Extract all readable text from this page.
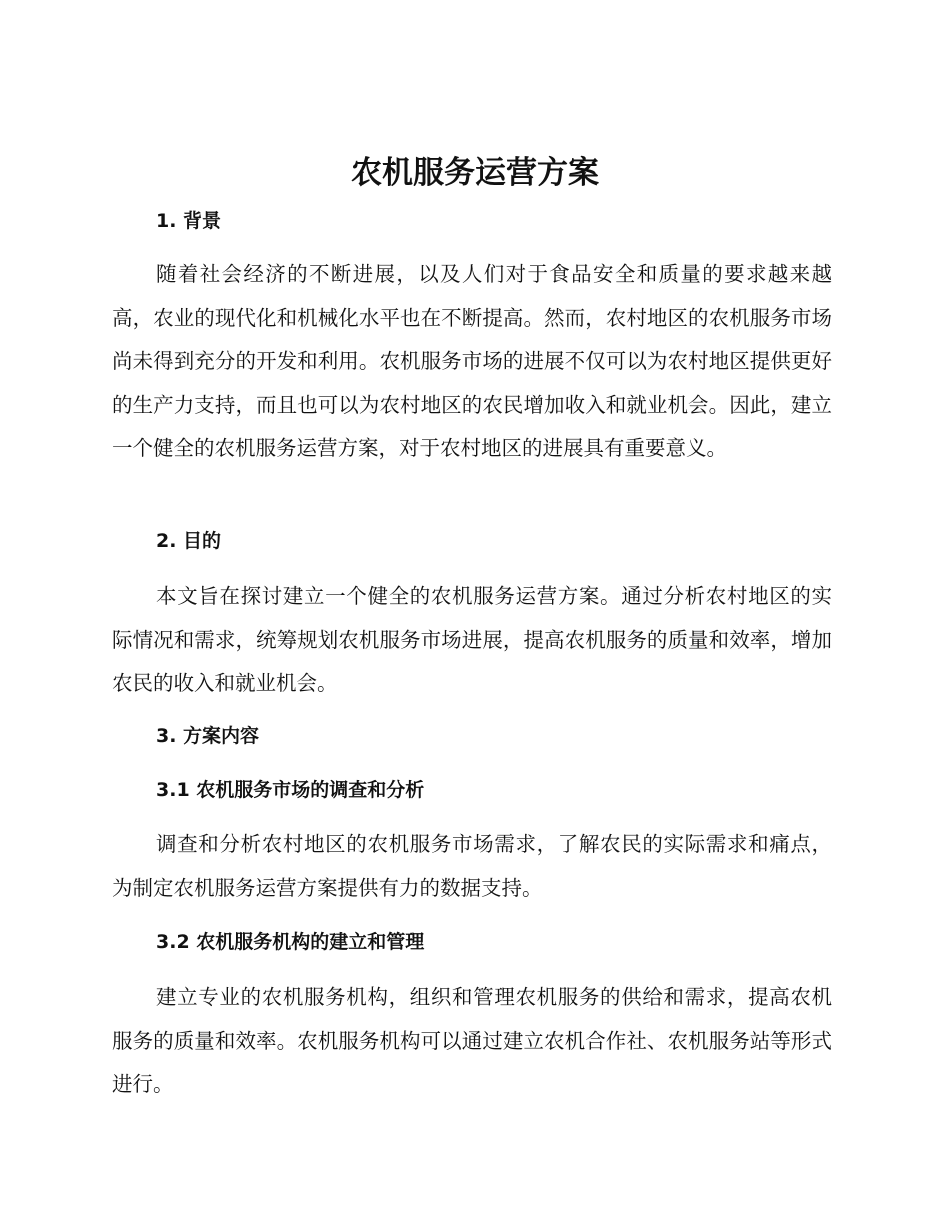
农机服务运营方案
1. 背景

随着社会经济的不断进展，以及人们对于食品安全和质量的要求越来越高，农业的现代化和机械化水平也在不断提高。然而，农村地区的农机服务市场尚未得到充分的开发和利用。农机服务市场的进展不仅可以为农村地区提供更好的生产力支持，而且也可以为农村地区的农民增加收入和就业机会。因此，建立一个健全的农机服务运营方案，对于农村地区的进展具有重要意义。

2. 目的

本文旨在探讨建立一个健全的农机服务运营方案。通过分析农村地区的实际情况和需求，统筹规划农机服务市场进展，提高农机服务的质量和效率，增加农民的收入和就业机会。

3. 方案内容
3.1 农机服务市场的调查和分析

调查和分析农村地区的农机服务市场需求，了解农民的实际需求和痛点，为制定农机服务运营方案提供有力的数据支持。

3.2 农机服务机构的建立和管理

建立专业的农机服务机构，组织和管理农机服务的供给和需求，提高农机服务的质量和效率。农机服务机构可以通过建立农机合作社、农机服务站等形式进行。
